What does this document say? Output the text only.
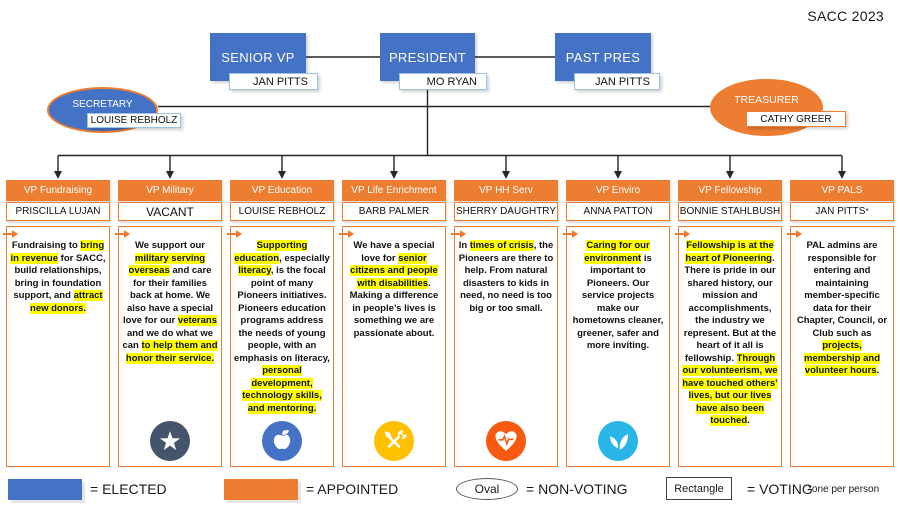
SACC 2023
SENIOR VP
JAN PITTS
PRESIDENT
MO RYAN
PAST PRES
JAN PITTS
SECRETARY
LOUISE REBHOLZ
TREASURER
CATHY GREER
VP Fundraising
PRISCILLA LUJAN
Fundraising to bring in revenue for SACC, build relationships, bring in foundation support, and attract new donors.
VP Military
VACANT
We support our military serving overseas and care for their families back at home. We also have a special love for our veterans and we do what we can to help them and honor their service.
VP Education
LOUISE REBHOLZ
Supporting education, especially literacy, is the focal point of many Pioneers initiatives. Pioneers education programs address the needs of young people, with an emphasis on literacy, personal development, technology skills, and mentoring.
VP Life Enrichment
BARB PALMER
We have a special love for senior citizens and people with disabilities. Making a difference in people’s lives is something we are passionate about.
VP HH Serv
SHERRY DAUGHTRY
In times of crisis, the Pioneers are there to help. From natural disasters to kids in need, no need is too big or too small.
VP Enviro
ANNA PATTON
Caring for our environment is important to Pioneers. Our service projects make our hometowns cleaner, greener, safer and more inviting.
VP Fellowship
BONNIE STAHLBUSH
Fellowship is at the heart of Pioneering. There is pride in our shared history, our mission and accomplishments, the industry we represent. But at the heart of it all is fellowship. Through our volunteerism, we have touched others’ lives, but our lives have also been touched.
VP PALS
JAN PITTS *
PAL admins are responsible for entering and maintaining member-specific data for their Chapter, Council, or Club such as projects, membership and volunteer hours.
= ELECTED	= APPOINTED	Oval	= NON-VOTING	Rectangle	= VOTING
*one per person
